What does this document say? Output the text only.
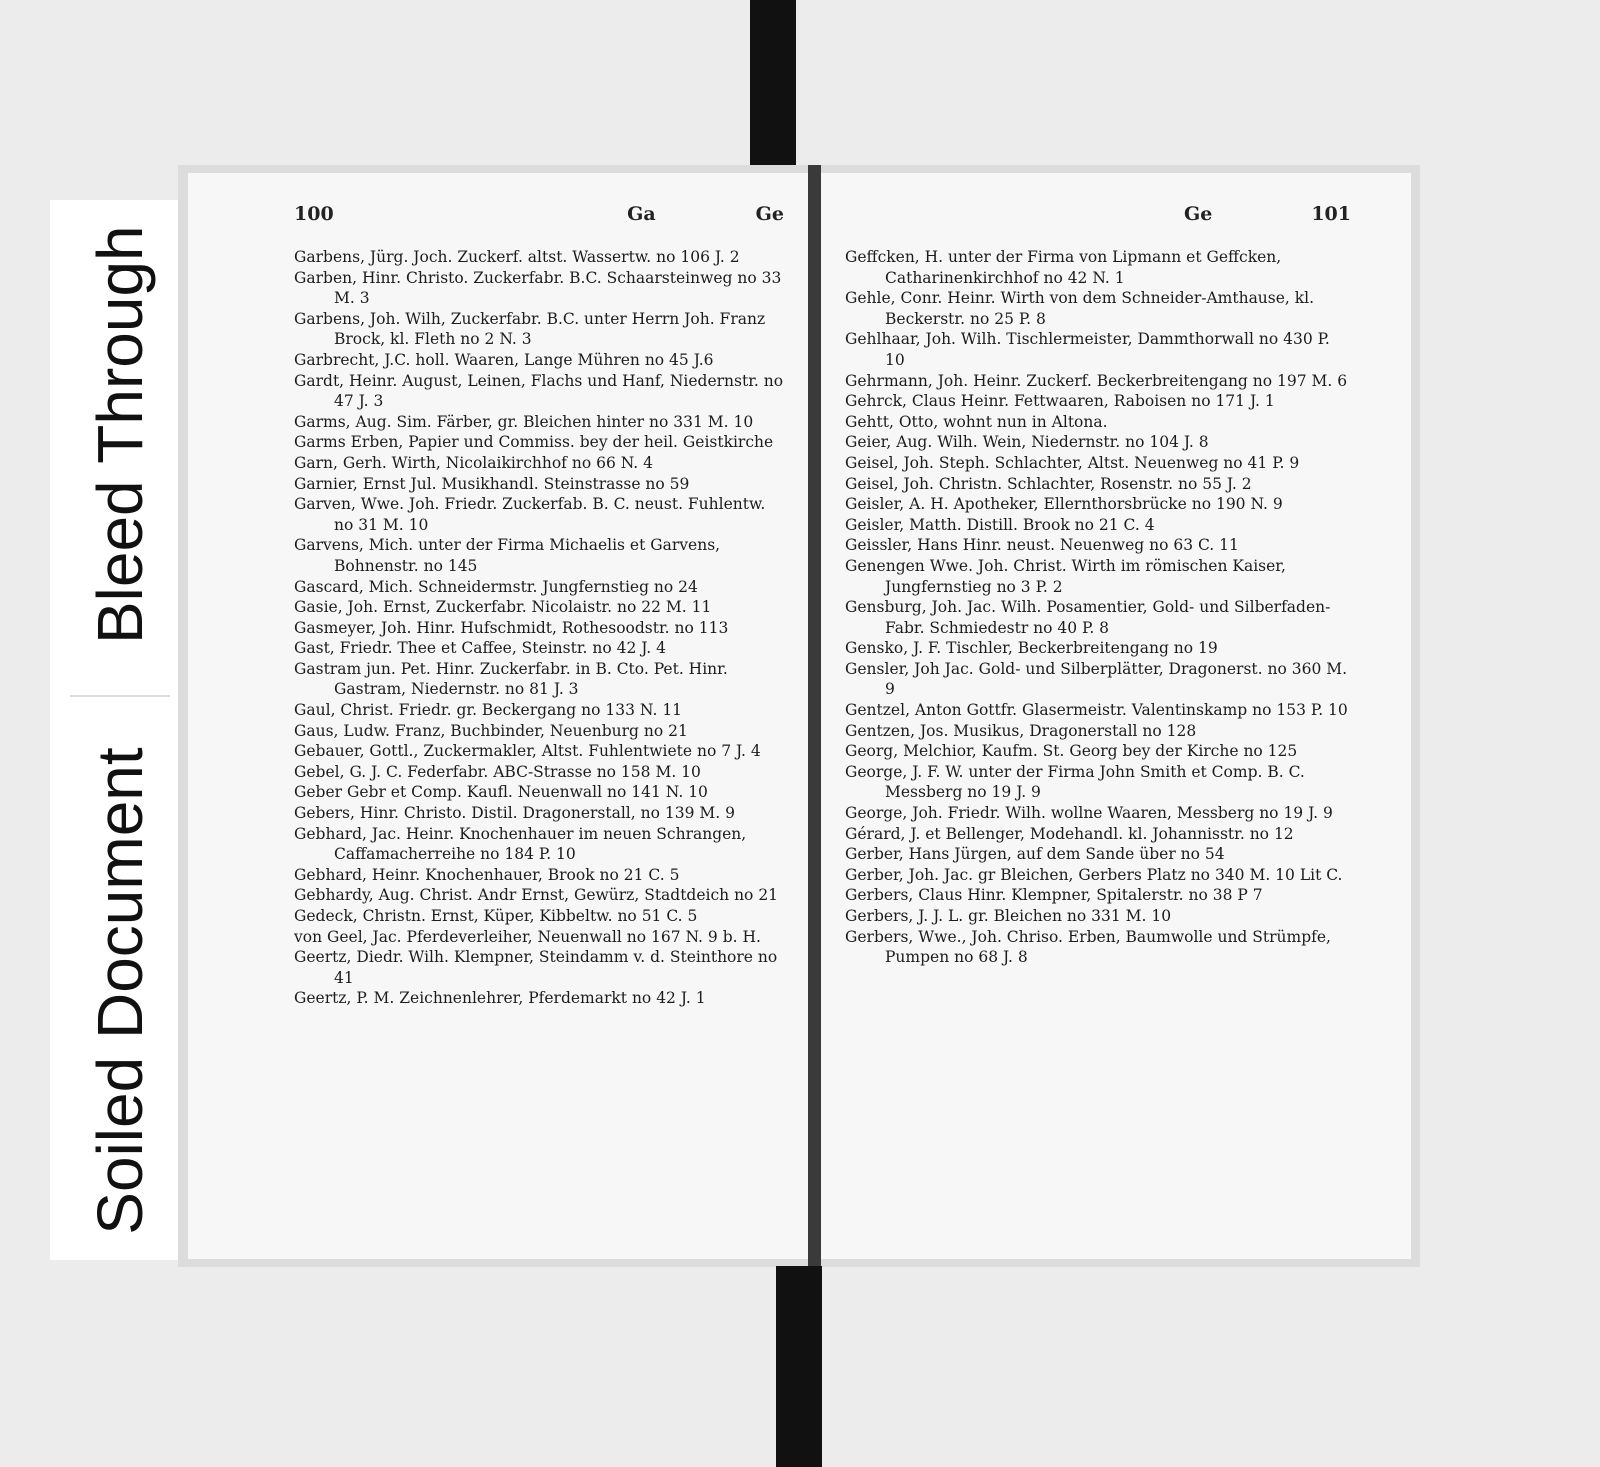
Soiled Document
Bleed Through
100	Ga	Ge
Garbens, Jürg. Joch. Zuckerf. altst. Wassertw. no 106 J. 2
Garben, Hinr. Christo. Zuckerfabr. B.C. Schaarsteinweg no 33 M. 3
Garbens, Joh. Wilh, Zuckerfabr. B.C. unter Herrn Joh. Franz Brock, kl. Fleth no 2 N. 3
Garbrecht, J.C. holl. Waaren, Lange Mühren no 45 J.6
Gardt, Heinr. August, Leinen, Flachs und Hanf, Niedernstr. no 47 J. 3
Garms, Aug. Sim. Färber, gr. Bleichen hinter no 331 M. 10
Garms Erben, Papier und Commiss. bey der heil. Geistkirche
Garn, Gerh. Wirth, Nicolaikirchhof no 66 N. 4
Garnier, Ernst Jul. Musikhandl. Steinstrasse no 59
Garven, Wwe. Joh. Friedr. Zuckerfab. B. C. neust. Fuhlentw. no 31 M. 10
Garvens, Mich. unter der Firma Michaelis et Garvens, Bohnenstr. no 145
Gascard, Mich. Schneidermstr. Jungfernstieg no 24
Gasie, Joh. Ernst, Zuckerfabr. Nicolaistr. no 22 M. 11
Gasmeyer, Joh. Hinr. Hufschmidt, Rothesoodstr. no 113
Gast, Friedr. Thee et Caffee, Steinstr. no 42 J. 4
Gastram jun. Pet. Hinr. Zuckerfabr. in B. Cto. Pet. Hinr. Gastram, Niedernstr. no 81 J. 3
Gaul, Christ. Friedr. gr. Beckergang no 133 N. 11
Gaus, Ludw. Franz, Buchbinder, Neuenburg no 21
Gebauer, Gottl., Zuckermakler, Altst. Fuhlentwiete no 7 J. 4
Gebel, G. J. C. Federfabr. ABC-Strasse no 158 M. 10
Geber Gebr et Comp. Kaufl. Neuenwall no 141 N. 10
Gebers, Hinr. Christo. Distil. Dragonerstall, no 139 M. 9
Gebhard, Jac. Heinr. Knochenhauer im neuen Schrangen, Caffamacherreihe no 184 P. 10
Gebhard, Heinr. Knochenhauer, Brook no 21 C. 5
Gebhardy, Aug. Christ. Andr Ernst, Gewürz, Stadtdeich no 21
Gedeck, Christn. Ernst, Küper, Kibbeltw. no 51 C. 5
von Geel, Jac. Pferdeverleiher, Neuenwall no 167 N. 9 b. H.
Geertz, Diedr. Wilh. Klempner, Steindamm v. d. Steinthore no 41
Geertz, P. M. Zeichnenlehrer, Pferdemarkt no 42 J. 1
Ge	101
Geffcken, H. unter der Firma von Lipmann et Geffcken, Catharinenkirchhof no 42 N. 1
Gehle, Conr. Heinr. Wirth von dem Schneider-Amthause, kl. Beckerstr. no 25 P. 8
Gehlhaar, Joh. Wilh. Tischlermeister, Dammthorwall no 430 P. 10
Gehrmann, Joh. Heinr. Zuckerf. Beckerbreitengang no 197 M. 6
Gehrck, Claus Heinr. Fettwaaren, Raboisen no 171 J. 1
Gehtt, Otto, wohnt nun in Altona.
Geier, Aug. Wilh. Wein, Niedernstr. no 104 J. 8
Geisel, Joh. Steph. Schlachter, Altst. Neuenweg no 41 P. 9
Geisel, Joh. Christn. Schlachter, Rosenstr. no 55 J. 2
Geisler, A. H. Apotheker, Ellernthorsbrücke no 190 N. 9
Geisler, Matth. Distill. Brook no 21 C. 4
Geissler, Hans Hinr. neust. Neuenweg no 63 C. 11
Genengen Wwe. Joh. Christ. Wirth im römischen Kaiser, Jungfernstieg no 3 P. 2
Gensburg, Joh. Jac. Wilh. Posamentier, Gold- und Silberfaden-Fabr. Schmiedestr no 40 P. 8
Gensko, J. F. Tischler, Beckerbreitengang no 19
Gensler, Joh Jac. Gold- und Silberplätter, Dragonerst. no 360 M. 9
Gentzel, Anton Gottfr. Glasermeistr. Valentinskamp no 153 P. 10
Gentzen, Jos. Musikus, Dragonerstall no 128
Georg, Melchior, Kaufm. St. Georg bey der Kirche no 125
George, J. F. W. unter der Firma John Smith et Comp. B. C. Messberg no 19 J. 9
George, Joh. Friedr. Wilh. wollne Waaren, Messberg no 19 J. 9
Gérard, J. et Bellenger, Modehandl. kl. Johannisstr. no 12
Gerber, Hans Jürgen, auf dem Sande über no 54
Gerber, Joh. Jac. gr Bleichen, Gerbers Platz no 340 M. 10 Lit C.
Gerbers, Claus Hinr. Klempner, Spitalerstr. no 38 P 7
Gerbers, J. J. L. gr. Bleichen no 331 M. 10
Gerbers, Wwe., Joh. Chriso. Erben, Baumwolle und Strümpfe, Pumpen no 68 J. 8
